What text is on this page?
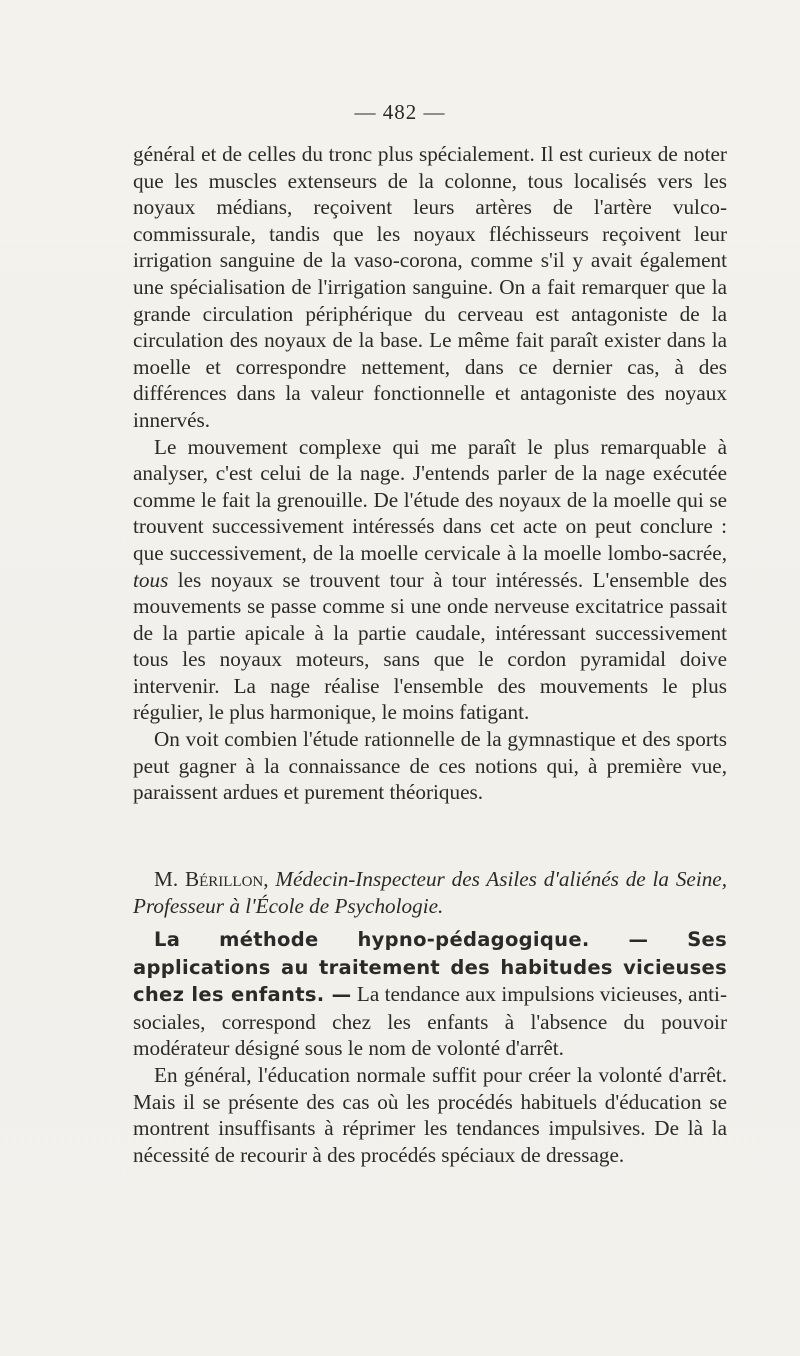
— 482 —

général et de celles du tronc plus spécialement. Il est curieux de noter que les muscles extenseurs de la colonne, tous localisés vers les noyaux médians, reçoivent leurs artères de l'artère vulco-commissurale, tandis que les noyaux fléchisseurs reçoivent leur irrigation sanguine de la vaso-corona, comme s'il y avait également une spécialisation de l'irrigation sanguine. On a fait remarquer que la grande circulation périphérique du cerveau est antagoniste de la circulation des noyaux de la base. Le même fait paraît exister dans la moelle et correspondre nettement, dans ce dernier cas, à des différences dans la valeur fonctionnelle et antagoniste des noyaux innervés.

Le mouvement complexe qui me paraît le plus remarquable à analyser, c'est celui de la nage. J'entends parler de la nage exécutée comme le fait la grenouille. De l'étude des noyaux de la moelle qui se trouvent successivement intéressés dans cet acte on peut conclure : que successivement, de la moelle cervicale à la moelle lombo-sacrée, tous les noyaux se trouvent tour à tour intéressés. L'ensemble des mouvements se passe comme si une onde nerveuse excitatrice passait de la partie apicale à la partie caudale, intéressant successivement tous les noyaux moteurs, sans que le cordon pyramidal doive intervenir. La nage réalise l'ensemble des mouvements le plus régulier, le plus harmonique, le moins fatigant.

On voit combien l'étude rationnelle de la gymnastique et des sports peut gagner à la connaissance de ces notions qui, à première vue, paraissent ardues et purement théoriques.

M. Bérillon, Médecin-Inspecteur des Asiles d'aliénés de la Seine, Professeur à l'École de Psychologie.

La méthode hypno-pédagogique. — Ses applications au traitement des habitudes vicieuses chez les enfants. — La tendance aux impulsions vicieuses, anti-sociales, correspond chez les enfants à l'absence du pouvoir modérateur désigné sous le nom de volonté d'arrêt.

En général, l'éducation normale suffit pour créer la volonté d'arrêt. Mais il se présente des cas où les procédés habituels d'éducation se montrent insuffisants à réprimer les tendances impulsives. De là la nécessité de recourir à des procédés spéciaux de dressage.
